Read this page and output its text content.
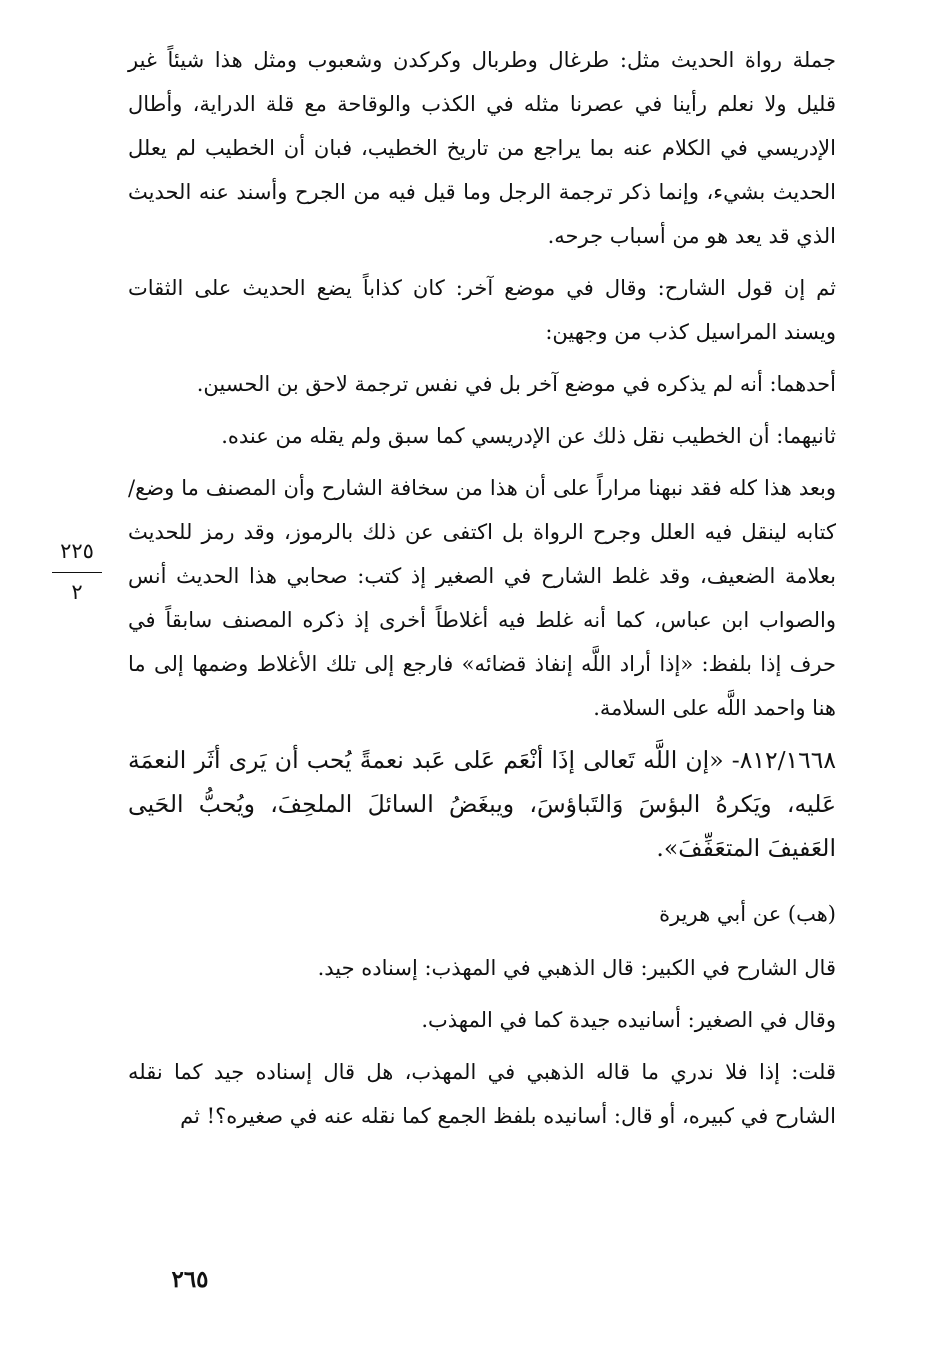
جملة رواة الحديث مثل: طرغال وطربال وكركدن وشعبوب ومثل هذا شيئاً غير قليل ولا نعلم رأينا في عصرنا مثله في الكذب والوقاحة مع قلة الدراية، وأطال الإدريسي في الكلام عنه بما يراجع من تاريخ الخطيب، فبان أن الخطيب لم يعلل الحديث بشيء، وإنما ذكر ترجمة الرجل وما قيل فيه من الجرح وأسند عنه الحديث الذي قد يعد هو من أسباب جرحه.

ثم إن قول الشارح: وقال في موضع آخر: كان كذاباً يضع الحديث على الثقات ويسند المراسيل كذب من وجهين:

أحدهما: أنه لم يذكره في موضع آخر بل في نفس ترجمة لاحق بن الحسين.

ثانيهما: أن الخطيب نقل ذلك عن الإدريسي كما سبق ولم يقله من عنده.

وبعد هذا كله فقد نبهنا مراراً على أن هذا من سخافة الشارح وأن المصنف ما وضع/ كتابه لينقل فيه العلل وجرح الرواة بل اكتفى عن ذلك بالرموز، وقد رمز للحديث بعلامة الضعيف، وقد غلط الشارح في الصغير إذ كتب: صحابي هذا الحديث أنس والصواب ابن عباس، كما أنه غلط فيه أغلاطاً أخرى إذ ذكره المصنف سابقاً في حرف إذا بلفظ: «إذا أراد اللَّه إنفاذ قضائه» فارجع إلى تلك الأغلاط وضمها إلى ما هنا واحمد اللَّه على السلامة.

٨١٢/١٦٦٨- «إن اللَّه تَعالى إذَا أنْعَم عَلى عَبد نعمةً يُحب أن يَرى أثَر النعمَة عَليه، ويَكرهُ البؤسَ وَالتَباؤسَ، ويبغَضُ السائلَ الملحِفَ، ويُحبُّ الحَيى العَفيفَ المتعَفِّفَ».

(هب) عن أبي هريرة

قال الشارح في الكبير: قال الذهبي في المهذب: إسناده جيد.

وقال في الصغير: أسانيده جيدة كما في المهذب.

قلت: إذا فلا ندري ما قاله الذهبي في المهذب، هل قال إسناده جيد كما نقله الشارح في كبيره، أو قال: أسانيده بلفظ الجمع كما نقله عنه في صغيره؟! ثم

٢٢٥
٢
٢٦٥
